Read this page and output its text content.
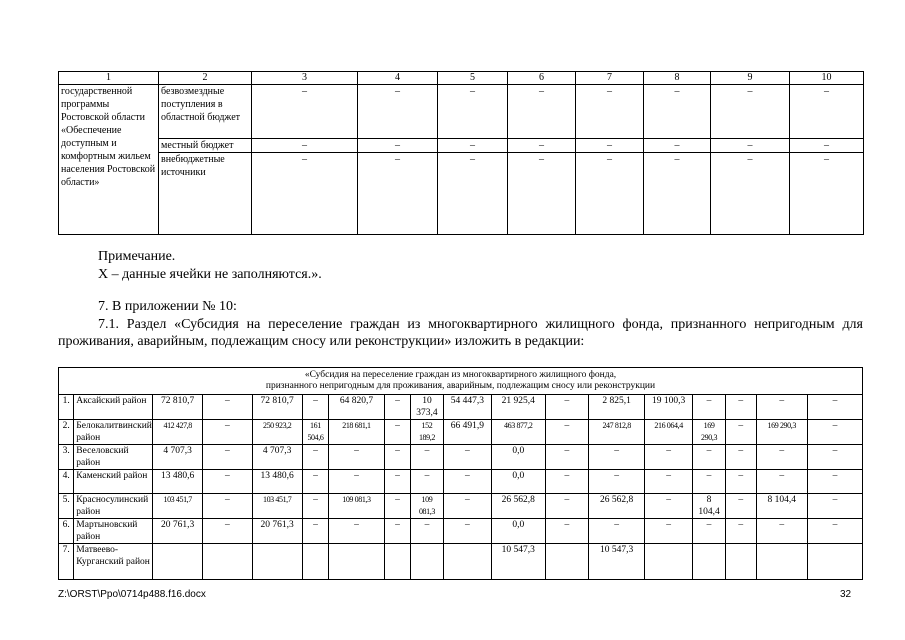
1	2	3	4	5	6	7	8	9	10
государственной программы Ростовской области «Обеспечение доступным и комфортным жильем населения Ростовской области»	безвозмездные поступления в областной бюджет	–	–	–	–	–	–	–	–
	местный бюджет	–	–	–	–	–	–	–	–
	внебюджетные источники	–	–	–	–	–	–	–	–
Примечание.
Х – данные ячейки не заполняются.».
7. В приложении № 10:
7.1. Раздел «Субсидия на переселение граждан из многоквартирного жилищного фонда, признанного непригодным для проживания, аварийным, подлежащим сносу или реконструкции» изложить в редакции:
«Субсидия на переселение граждан из многоквартирного жилищного фонда,
признанного непригодным для проживания, аварийным, подлежащим сносу или реконструкции																	

1.	Аксайский район	72 810,7	–	72 810,7	–	64 820,7	–	10 373,4	54 447,3	21 925,4	–	2 825,1	19 100,3	–	–	–	–
2.	Белокалитвинский район	412 427,8	–	250 923,2	161 504,6	218 681,1	–	152 189,2	66 491,9	463 877,2	–	247 812,8	216 064,4	169 290,3	–	169 290,3	–
3.	Веселовский район	4 707,3	–	4 707,3	–	–	–	–	–	0,0	–	–	–	–	–	–	–
4.	Каменский район	13 480,6	–	13 480,6	–	–	–	–	–	0,0	–	–	–	–	–	–	–
5.	Красносулинский район	103 451,7	–	103 451,7	–	109 081,3	–	109 081,3	–	26 562,8	–	26 562,8	–	8 104,4	–	8 104,4	–
6.	Мартыновский район	20 761,3	–	20 761,3	–	–	–	–	–	0,0	–	–	–	–	–	–	–
7.	Матвеево-Курганский район									10 547,3		10 547,3					
Z:\ORST\Ppo\0714p488.f16.docx	32
